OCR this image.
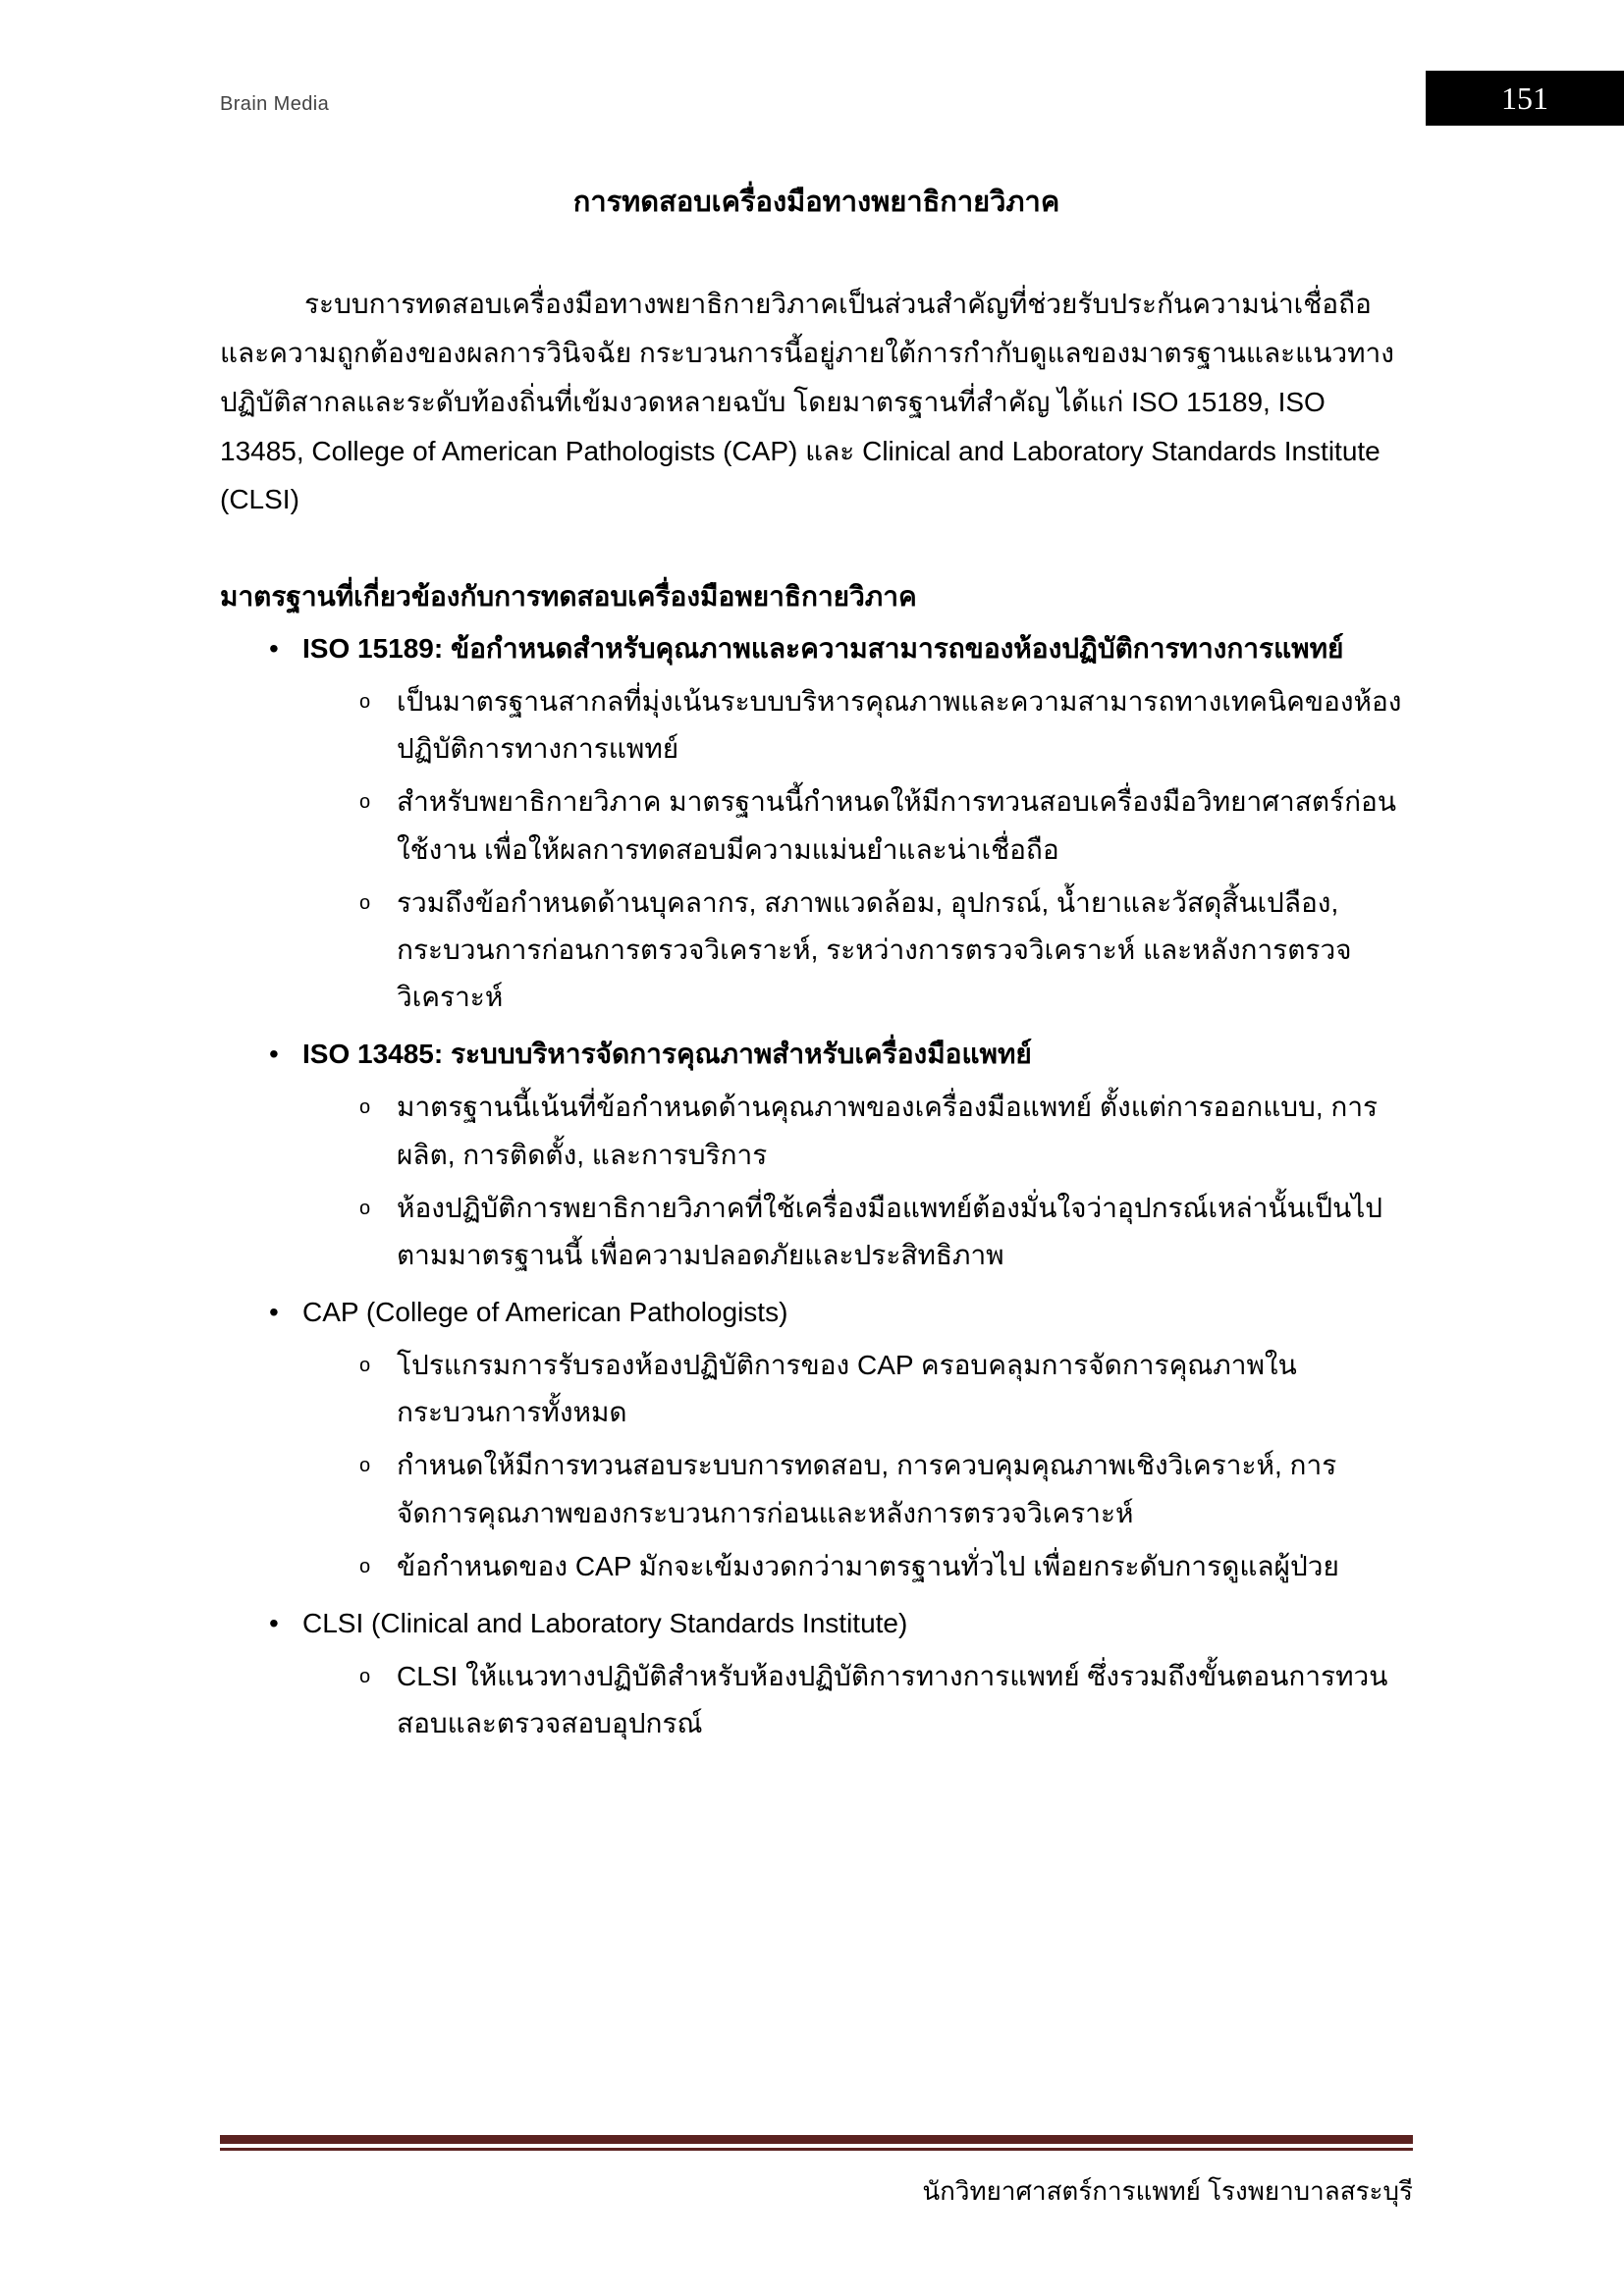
Brain Media	151
การทดสอบเครื่องมือทางพยาธิกายวิภาค

ระบบการทดสอบเครื่องมือทางพยาธิกายวิภาคเป็นส่วนสำคัญที่ช่วยรับประกันความน่าเชื่อถือและความถูกต้องของผลการวินิจฉัย กระบวนการนี้อยู่ภายใต้การกำกับดูแลของมาตรฐานและแนวทางปฏิบัติสากลและระดับท้องถิ่นที่เข้มงวดหลายฉบับ โดยมาตรฐานที่สำคัญ ได้แก่ ISO 15189, ISO 13485, College of American Pathologists (CAP) และ Clinical and Laboratory Standards Institute (CLSI)

มาตรฐานที่เกี่ยวข้องกับการทดสอบเครื่องมือพยาธิกายวิภาค
• ISO 15189: ข้อกำหนดสำหรับคุณภาพและความสามารถของห้องปฏิบัติการทางการแพทย์
o เป็นมาตรฐานสากลที่มุ่งเน้นระบบบริหารคุณภาพและความสามารถทางเทคนิคของห้องปฏิบัติการทางการแพทย์
o สำหรับพยาธิกายวิภาค มาตรฐานนี้กำหนดให้มีการทวนสอบเครื่องมือวิทยาศาสตร์ก่อนใช้งาน เพื่อให้ผลการทดสอบมีความแม่นยำและน่าเชื่อถือ
o รวมถึงข้อกำหนดด้านบุคลากร, สภาพแวดล้อม, อุปกรณ์, น้ำยาและวัสดุสิ้นเปลือง, กระบวนการก่อนการตรวจวิเคราะห์, ระหว่างการตรวจวิเคราะห์ และหลังการตรวจวิเคราะห์
• ISO 13485: ระบบบริหารจัดการคุณภาพสำหรับเครื่องมือแพทย์
o มาตรฐานนี้เน้นที่ข้อกำหนดด้านคุณภาพของเครื่องมือแพทย์ ตั้งแต่การออกแบบ, การผลิต, การติดตั้ง, และการบริการ
o ห้องปฏิบัติการพยาธิกายวิภาคที่ใช้เครื่องมือแพทย์ต้องมั่นใจว่าอุปกรณ์เหล่านั้นเป็นไปตามมาตรฐานนี้ เพื่อความปลอดภัยและประสิทธิภาพ
• CAP (College of American Pathologists)
o โปรแกรมการรับรองห้องปฏิบัติการของ CAP ครอบคลุมการจัดการคุณภาพในกระบวนการทั้งหมด
o กำหนดให้มีการทวนสอบระบบการทดสอบ, การควบคุมคุณภาพเชิงวิเคราะห์, การจัดการคุณภาพของกระบวนการก่อนและหลังการตรวจวิเคราะห์
o ข้อกำหนดของ CAP มักจะเข้มงวดกว่ามาตรฐานทั่วไป เพื่อยกระดับการดูแลผู้ป่วย
• CLSI (Clinical and Laboratory Standards Institute)
o CLSI ให้แนวทางปฏิบัติสำหรับห้องปฏิบัติการทางการแพทย์ ซึ่งรวมถึงขั้นตอนการทวนสอบและตรวจสอบอุปกรณ์
นักวิทยาศาสตร์การแพทย์ โรงพยาบาลสระบุรี
